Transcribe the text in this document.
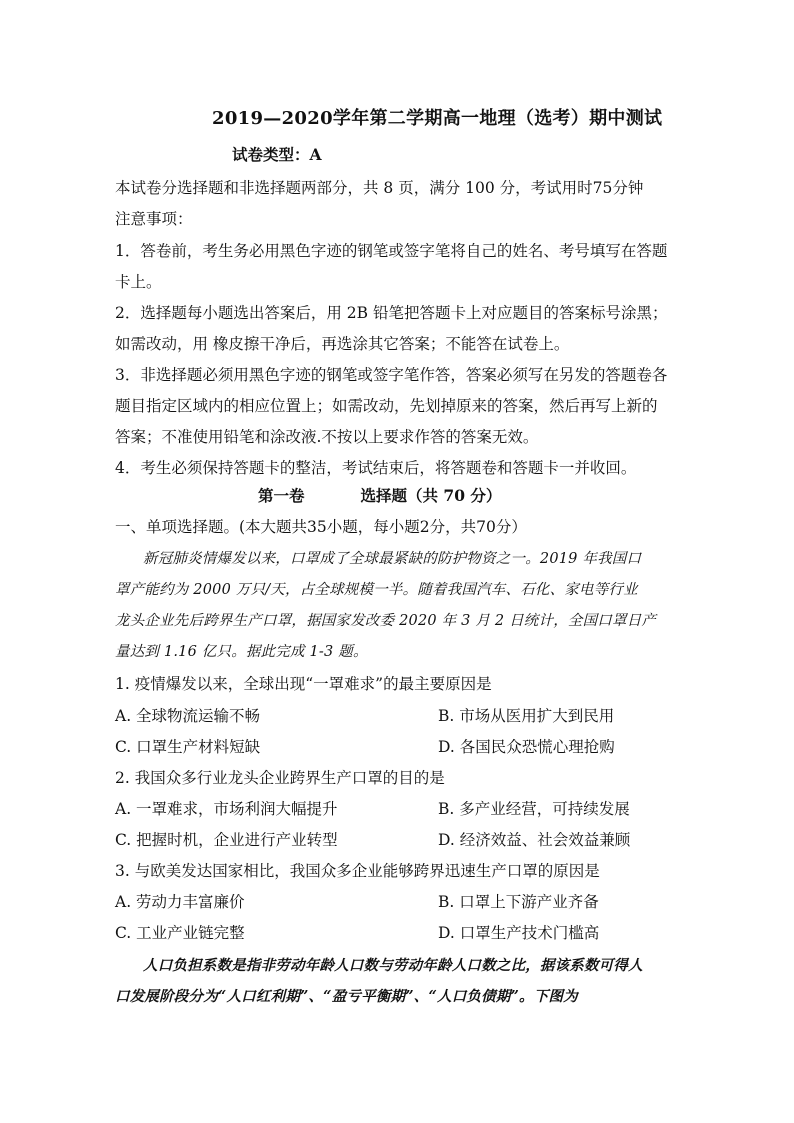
2019—2020学年第二学期高一地理（选考）期中测试
试卷类型：A
本试卷分选择题和非选择题两部分，共 8 页，满分 100 分，考试用时75分钟
注意事项：
1．答卷前，考生务必用黑色字迹的钢笔或签字笔将自己的姓名、考号填写在答题
卡上。
2．选择题每小题选出答案后，用 2B 铅笔把答题卡上对应题目的答案标号涂黑；
如需改动，用 橡皮擦干净后，再选涂其它答案；不能答在试卷上。
3．非选择题必须用黑色字迹的钢笔或签字笔作答，答案必须写在另发的答题卷各
题目指定区域内的相应位置上；如需改动，先划掉原来的答案，然后再写上新的
答案；不准使用铅笔和涂改液.不按以上要求作答的答案无效。
4．考生必须保持答题卡的整洁，考试结束后，将答题卷和答题卡一并收回。
第一卷	选择题（共 70 分）
一、单项选择题。(本大题共35小题，每小题2分，共70分）
新冠肺炎情爆发以来，口罩成了全球最紧缺的防护物资之一。2019 年我国口
罩产能约为 2000 万只/天，占全球规模一半。随着我国汽车、石化、家电等行业
龙头企业先后跨界生产口罩，据国家发改委 2020 年 3 月 2 日统计，全国口罩日产
量达到 1.16 亿只。据此完成 1-3 题。
1. 疫情爆发以来，全球出现“一罩难求”的最主要原因是
A. 全球物流运输不畅	B. 市场从医用扩大到民用
C. 口罩生产材料短缺	D. 各国民众恐慌心理抢购
2. 我国众多行业龙头企业跨界生产口罩的目的是
A. 一罩难求，市场利润大幅提升	B. 多产业经营，可持续发展
C. 把握时机，企业进行产业转型	D. 经济效益、社会效益兼顾
3. 与欧美发达国家相比，我国众多企业能够跨界迅速生产口罩的原因是
A. 劳动力丰富廉价	B. 口罩上下游产业齐备
C. 工业产业链完整	D. 口罩生产技术门槛高
人口负担系数是指非劳动年龄人口数与劳动年龄人口数之比，据该系数可得人
口发展阶段分为“人口红利期”、“盈亏平衡期”、“人口负债期”。下图为
